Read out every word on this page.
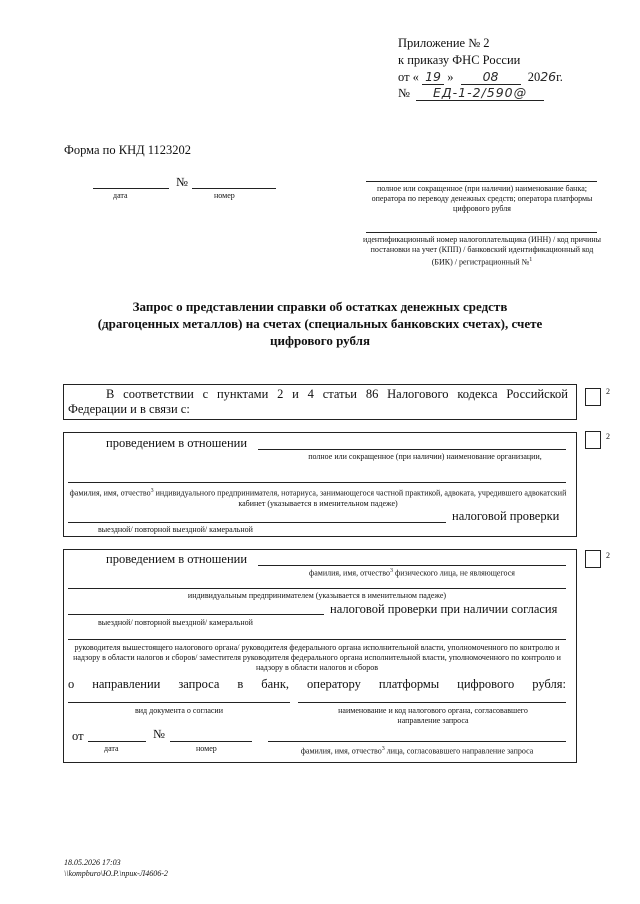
Приложение № 2
к приказу ФНС России
от « 19 » 08 2026г.
№ ЕД-1-2/590@
Форма по КНД 1123202
№
дата	номер
полное или сокращенное (при наличии) наименование банка; оператора по переводу денежных средств; оператора платформы цифрового рубля
идентификационный номер налогоплательщика (ИНН) / код причины постановки на учет (КПП) / банковский идентификационный код (БИК) / регистрационный №$^1$
Запрос о представлении справки об остатках денежных средств
(драгоценных металлов) на счетах (специальных банковских счетах), счете
цифрового рубля
В соответствии с пунктами 2 и 4 статьи 86 Налогового кодекса Российской
Федерации и в связи с:
2
проведением в отношении
полное или сокращенное (при наличии) наименование организации,
фамилия, имя, отчество$^3$ индивидуального предпринимателя, нотариуса, занимающегося частной практикой, адвоката, учредившего адвокатский кабинет (указывается в именительном падеже)
налоговой проверки
выездной/ повторной выездной/ камеральной
2
проведением в отношении
фамилия, имя, отчество$^3$ физического лица, не являющегося
индивидуальным предпринимателем (указывается в именительном падеже)
налоговой проверки при наличии согласия
выездной/ повторной выездной/ камеральной
руководителя вышестоящего налогового органа/ руководителя федерального органа исполнительной власти, уполномоченного по контролю и надзору в области налогов и сборов/ заместителя руководителя федерального органа исполнительной власти, уполномоченного по контролю и надзору в области налогов и сборов
о направлении запроса в банк, оператору платформы цифрового рубля:
вид документа о согласии	наименование и код налогового органа, согласовавшего направление запроса
от	№
дата	номер	фамилия, имя, отчество$^3$ лица, согласовавшего направление запроса
2
18.05.2026 17:03
\\kompburo\Ю.Р.\прик-Л4606-2
